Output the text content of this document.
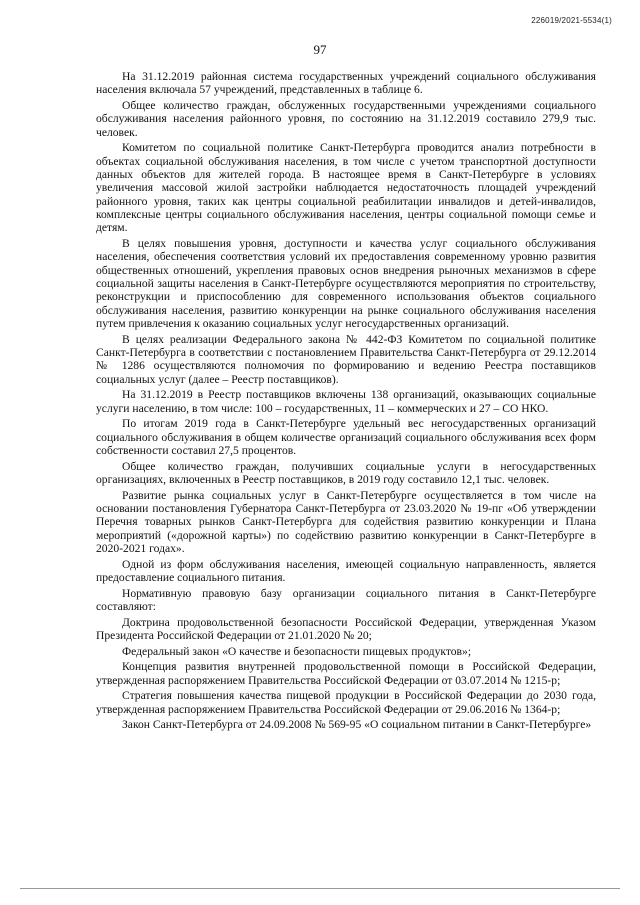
226019/2021-5534(1)
97

На 31.12.2019 районная система государственных учреждений социального обслуживания населения включала 57 учреждений, представленных в таблице 6.

Общее количество граждан, обслуженных государственными учреждениями социального обслуживания населения районного уровня, по состоянию на 31.12.2019 составило 279,9 тыс. человек.

Комитетом по социальной политике Санкт-Петербурга проводится анализ потребности в объектах социальной обслуживания населения, в том числе с учетом транспортной доступности данных объектов для жителей города. В настоящее время в Санкт-Петербурге в условиях увеличения массовой жилой застройки наблюдается недостаточность площадей учреждений районного уровня, таких как центры социальной реабилитации инвалидов и детей-инвалидов, комплексные центры социального обслуживания населения, центры социальной помощи семье и детям.

В целях повышения уровня, доступности и качества услуг социального обслуживания населения, обеспечения соответствия условий их предоставления современному уровню развития общественных отношений, укрепления правовых основ внедрения рыночных механизмов в сфере социальной защиты населения в Санкт-Петербурге осуществляются мероприятия по строительству, реконструкции и приспособлению для современного использования объектов социального обслуживания населения, развитию конкуренции на рынке социального обслуживания населения путем привлечения к оказанию социальных услуг негосударственных организаций.

В целях реализации Федерального закона № 442-ФЗ Комитетом по социальной политике Санкт-Петербурга в соответствии с постановлением Правительства Санкт-Петербурга от 29.12.2014 № 1286 осуществляются полномочия по формированию и ведению Реестра поставщиков социальных услуг (далее – Реестр поставщиков).

На 31.12.2019 в Реестр поставщиков включены 138 организаций, оказывающих социальные услуги населению, в том числе: 100 – государственных, 11 – коммерческих и 27 – СО НКО.

По итогам 2019 года в Санкт-Петербурге удельный вес негосударственных организаций социального обслуживания в общем количестве организаций социального обслуживания всех форм собственности составил 27,5 процентов.

Общее количество граждан, получивших социальные услуги в негосударственных организациях, включенных в Реестр поставщиков, в 2019 году составило 12,1 тыс. человек.

Развитие рынка социальных услуг в Санкт-Петербурге осуществляется в том числе на основании постановления Губернатора Санкт-Петербурга от 23.03.2020 № 19-пг «Об утверждении Перечня товарных рынков Санкт-Петербурга для содействия развитию конкуренции и Плана мероприятий («дорожной карты») по содействию развитию конкуренции в Санкт-Петербурге в 2020-2021 годах».

Одной из форм обслуживания населения, имеющей социальную направленность, является предоставление социального питания.

Нормативную правовую базу организации социального питания в Санкт-Петербурге составляют:

Доктрина продовольственной безопасности Российской Федерации, утвержденная Указом Президента Российской Федерации от 21.01.2020 № 20;

Федеральный закон «О качестве и безопасности пищевых продуктов»;

Концепция развития внутренней продовольственной помощи в Российской Федерации, утвержденная распоряжением Правительства Российской Федерации от 03.07.2014 № 1215-р;

Стратегия повышения качества пищевой продукции в Российской Федерации до 2030 года, утвержденная распоряжением Правительства Российской Федерации от 29.06.2016 № 1364-р;

Закон Санкт-Петербурга от 24.09.2008 № 569-95 «О социальном питании в Санкт-Петербурге»
